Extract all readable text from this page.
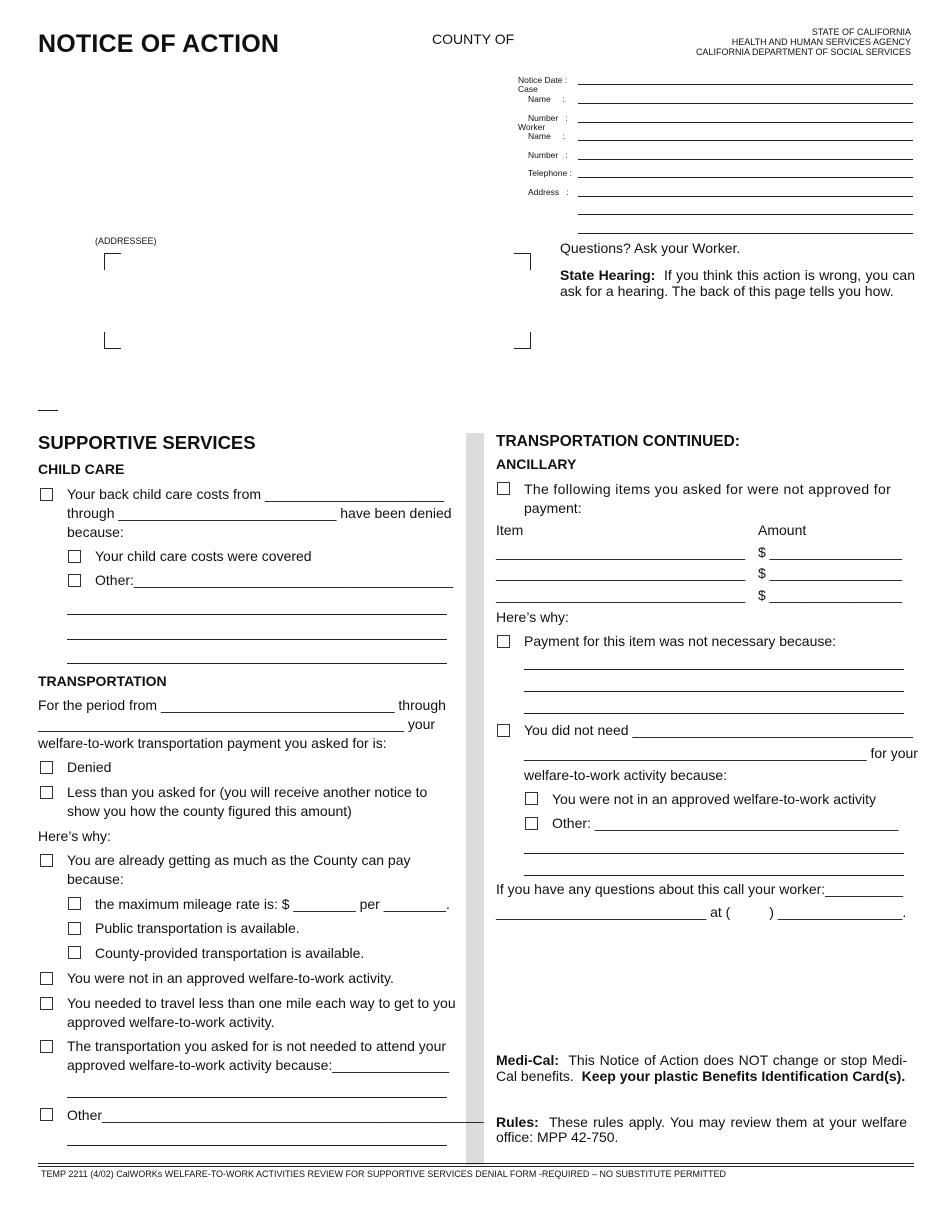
NOTICE OF ACTION	COUNTY OF	STATE OF CALIFORNIA
HEALTH AND HUMAN SERVICES AGENCY
CALIFORNIA DEPARTMENT OF SOCIAL SERVICES
Notice Date :
Case
Name     :
Number   :
Worker
Name     :
Number   :
Telephone :
Address   :
(ADDRESSEE)	Questions? Ask your Worker.
State Hearing: If you think this action is wrong, you can ask for a hearing. The back of this page tells you how.
SUPPORTIVE SERVICES
CHILD CARE
Your back child care costs from _______________________
through ____________________________ have been denied
because:
Your child care costs were covered
Other:_________________________________________
TRANSPORTATION
For the period from ______________________________ through
_______________________________________________ your
welfare-to-work transportation payment you asked for is:
Denied
Less than you asked for (you will receive another notice to
show you how the county figured this amount)
Here’s why:
You are already getting as much as the County can pay
because:
the maximum mileage rate is: $ ________ per ________.
Public transportation is available.
County-provided transportation is available.
You were not in an approved welfare-to-work activity.
You needed to travel less than one mile each way to get to you
approved welfare-to-work activity.
The transportation you asked for is not needed to attend your
approved welfare-to-work activity because:_______________
Other_________________________________________________
TRANSPORTATION CONTINUED:
ANCILLARY
The following items you asked for were not approved for
payment:
Item	Amount
________________________________ $ _________________
________________________________ $ _________________
________________________________ $ _________________
Here’s why:
Payment for this item was not necessary because:
You did not need ____________________________________
____________________________________________ for your
welfare-to-work activity because:
You were not in an approved welfare-to-work activity
Other: _______________________________________
If you have any questions about this call your worker:__________
___________________________ at (          ) ________________.
Medi-Cal: This Notice of Action does NOT change or stop Medi-Cal benefits. Keep your plastic Benefits Identification Card(s).
Rules: These rules apply. You may review them at your welfare office: MPP 42-750.
TEMP 2211 (4/02) CalWORKs WELFARE-TO-WORK ACTIVITIES REVIEW FOR SUPPORTIVE SERVICES DENIAL FORM -REQUIRED – NO SUBSTITUTE PERMITTED
